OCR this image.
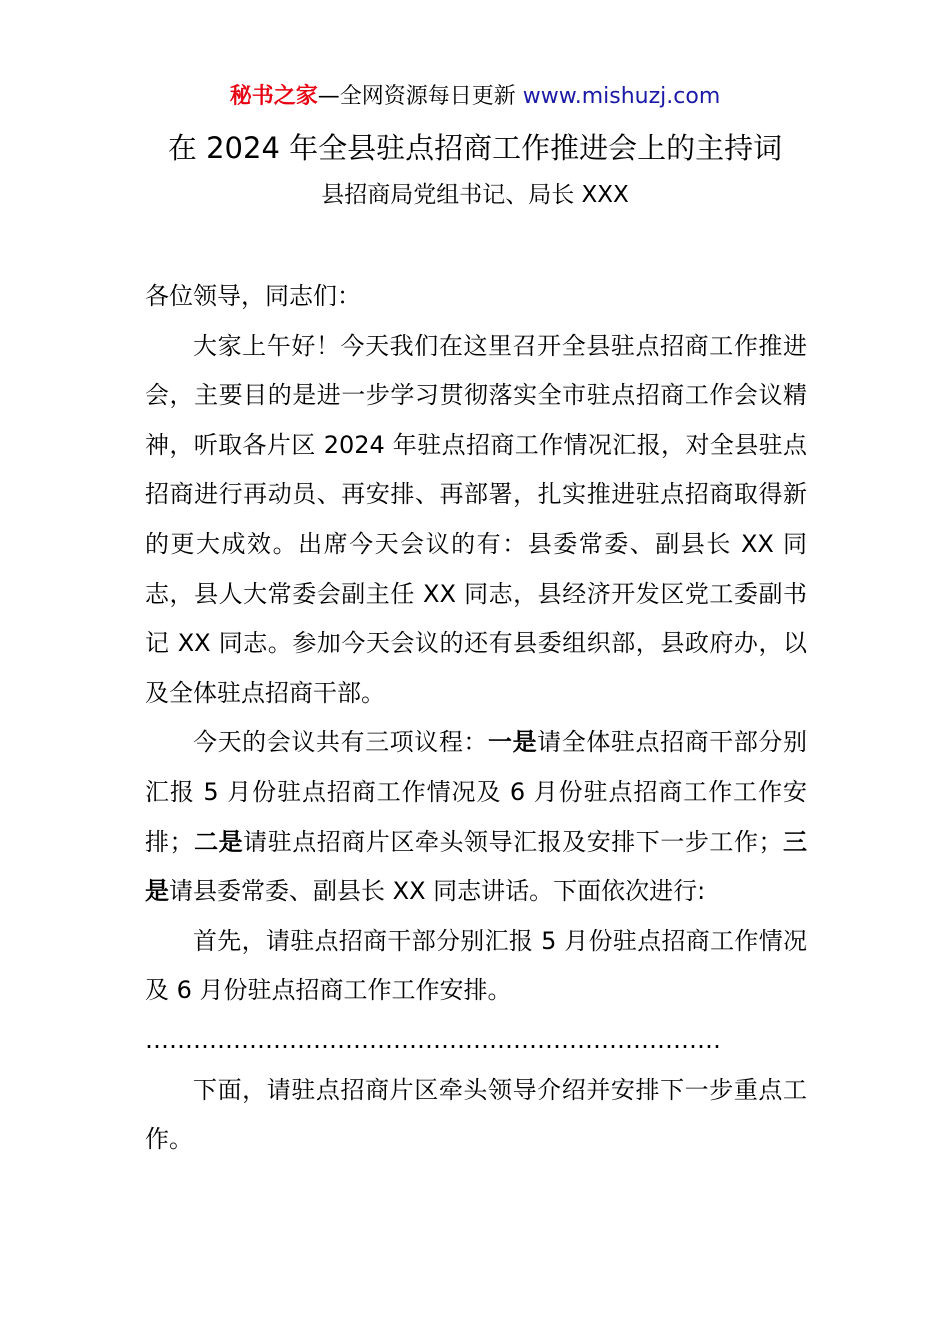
秘书之家—全网资源每日更新 www.mishuzj.com
在 2024 年全县驻点招商工作推进会上的主持词
县招商局党组书记、局长 XXX

各位领导，同志们：

大家上午好！今天我们在这里召开全县驻点招商工作推进会，主要目的是进一步学习贯彻落实全市驻点招商工作会议精神，听取各片区 2024 年驻点招商工作情况汇报，对全县驻点招商进行再动员、再安排、再部署，扎实推进驻点招商取得新的更大成效。出席今天会议的有：县委常委、副县长 XX 同志，县人大常委会副主任 XX 同志，县经济开发区党工委副书记 XX 同志。参加今天会议的还有县委组织部，县政府办，以及全体驻点招商干部。

今天的会议共有三项议程：一是请全体驻点招商干部分别汇报 5 月份驻点招商工作情况及 6 月份驻点招商工作工作安排；二是请驻点招商片区牵头领导汇报及安排下一步工作；三是请县委常委、副县长 XX 同志讲话。下面依次进行:

首先，请驻点招商干部分别汇报 5 月份驻点招商工作情况及 6 月份驻点招商工作工作安排。

………………………………………………………………

下面，请驻点招商片区牵头领导介绍并安排下一步重点工作。
